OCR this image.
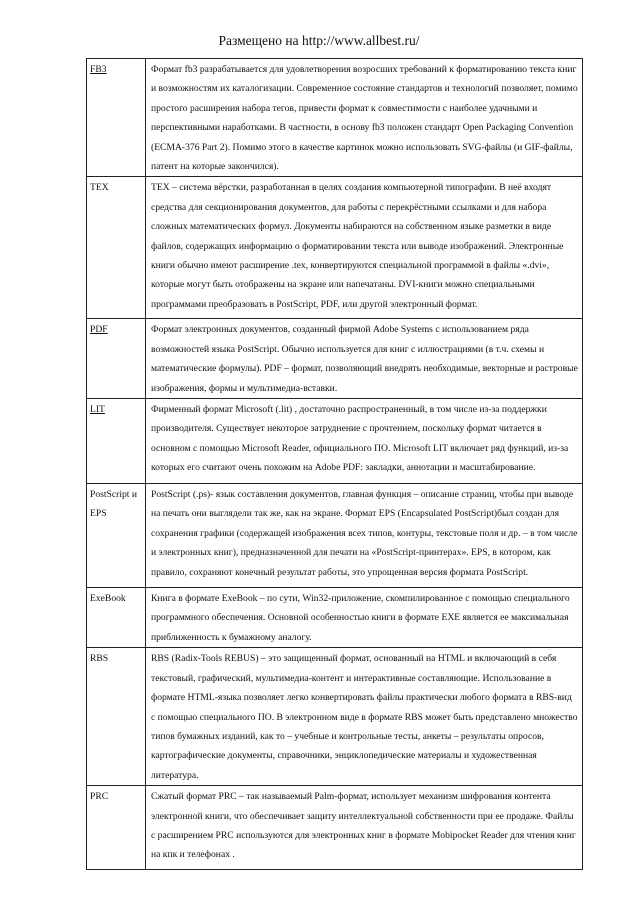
Размещено на http://www.allbest.ru/
FB3	Формат fb3 разрабатывается для удовлетворения возросших требований к форматированию текста книг и возможностям их каталогизации. Современное состояние стандартов и технологий позволяет, помимо простого расширения набора тегов, привести формат к совместимости с наиболее удачными и перспективными наработками. В частности, в основу fb3 положен стандарт Open Packaging Convention (ECMA-376 Part 2). Помимо этого в качестве картинок можно использовать SVG-файлы (и GIF-файлы, патент на которые закончился).
TEX	TEX – система вёрстки, разработанная в целях создания компьютерной типографии. В неё входят средства для секционирования документов, для работы с перекрёстными ссылками и для набора сложных математических формул. Документы набираются на собственном языке разметки в виде файлов, содержащих информацию о форматировании текста или выводе изображений. Электронные книги обычно имеют расширение .tex, конвертируются специальной программой в файлы «.dvi», которые могут быть отображены на экране или напечатаны. DVI-книги можно специальными программами преобразовать в PostScript, PDF, или другой электронный формат.
PDF	Формат электронных документов, созданный фирмой Adobe Systems с использованием ряда возможностей языка PostScript. Обычно используется для книг с иллюстрациями (в т.ч. схемы и математические формулы). PDF – формат, позволяющий внедрять необходимые, векторные и растровые изображения, формы и мультимедиа-вставки.
LIT	Фирменный формат Microsoft (.lit) , достаточно распространенный, в том числе из-за поддержки производителя. Существует некоторое затруднение с прочтением, поскольку формат читается в основном с помощью Microsoft Reader, официального ПО. Microsoft LIT включает ряд функций, из-за которых его считают очень похожим на Adobe PDF: закладки, аннотации и масштабирование.
PostScript и EPS	PostScript (.ps)- язык составления документов, главная функция – описание страниц, чтобы при выводе на печать они выглядели так же, как на экране. Формат EPS (Encapsulated PostScript)был создан для сохранения графики (содержащей изображения всех типов, контуры, текстовые поля и др. – в том числе и электронных книг), предназначенной для печати на «PostScript-принтерах». EPS, в котором, как правило, сохраняют конечный результат работы, это упрощенная версия формата PostScript.
ExeBook	Книга в формате ExeBook – по сути, Win32-приложение, скомпилированное с помощью специального программного обеспечения. Основной особенностью книги в формате EXE является ее максимальная приближенность к бумажному аналогу.
RBS	RBS (Radix-Tools REBUS) – это защищенный формат, основанный на HTML и включающий в себя текстовый, графический, мультимедиа-контент и интерактивные составляющие. Использование в формате HTML-языка позволяет легко конвертировать файлы практически любого формата в RBS-вид с помощью специального ПО. В электронном виде в формате RBS может быть представлено множество типов бумажных изданий, как то – учебные и контрольные тесты, анкеты – результаты опросов, картографические документы, справочники, энциклопедические материалы и художественная литература.
PRC	Сжатый формат PRC – так называемый Palm-формат, использует механизм шифрования контента электронной книги, что обеспечивает защиту интеллектуальной собственности при ее продаже. Файлы с расширением PRC используются для электронных книг в формате Mobipocket Reader для чтения книг на кпк и телефонах .
